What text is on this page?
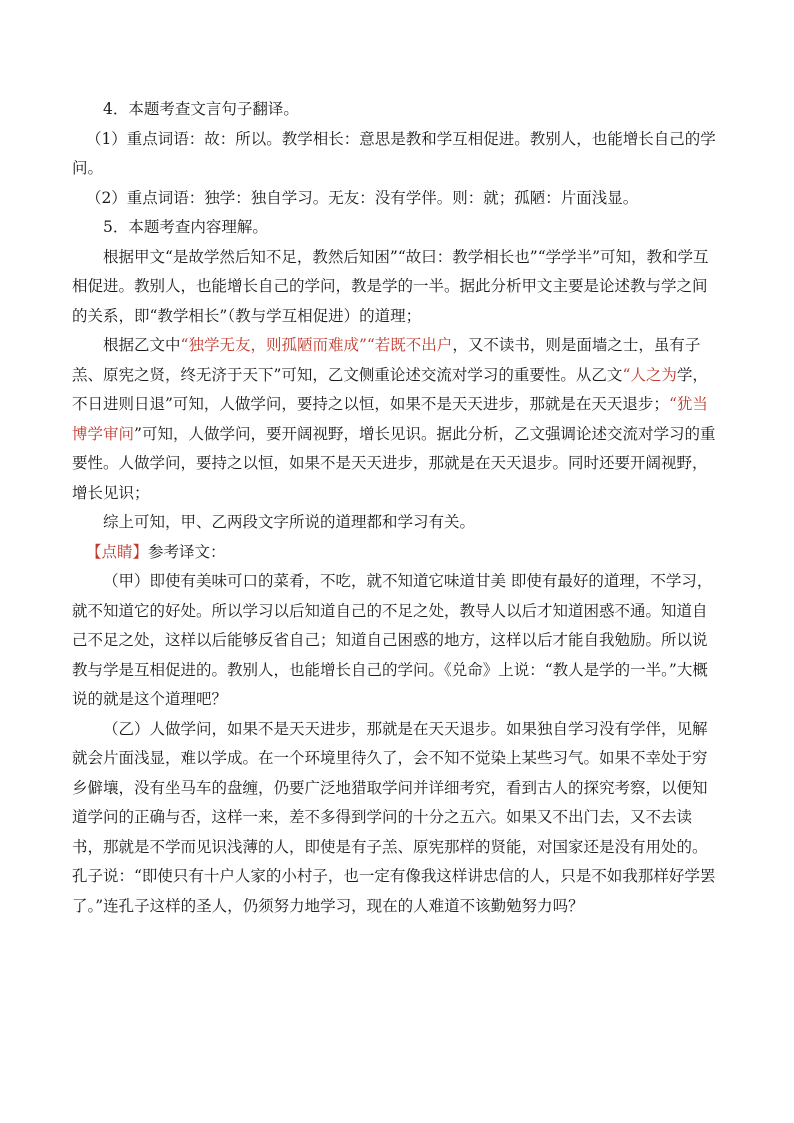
4．本题考查文言句子翻译。

（1）重点词语：故：所以。教学相长：意思是教和学互相促进。教别人，也能增长自己的学问。

（2）重点词语：独学：独自学习。无友：没有学伴。则：就；孤陋：片面浅显。

5．本题考查内容理解。

根据甲文“是故学然后知不足，教然后知困”“故曰：教学相长也”“学学半”可知，教和学互相促进。教别人，也能增长自己的学问，教是学的一半。据此分析甲文主要是论述教与学之间的关系，即“教学相长”（教与学互相促进）的道理；

根据乙文中“独学无友，则孤陋而难成”“若既不出户，又不读书，则是面墙之士，虽有子羔、原宪之贤，终无济于天下”可知，乙文侧重论述交流对学习的重要性。从乙文“人之为学，不日进则日退”可知，人做学问，要持之以恒，如果不是天天进步，那就是在天天退步；“犹当博学审问”可知，人做学问，要开阔视野，增长见识。据此分析，乙文强调论述交流对学习的重要性。人做学问，要持之以恒，如果不是天天进步，那就是在天天退步。同时还要开阔视野，增长见识；

综上可知，甲、乙两段文字所说的道理都和学习有关。

【点睛】参考译文：

（甲）即使有美味可口的菜肴，不吃，就不知道它味道甘美 即使有最好的道理，不学习，就不知道它的好处。所以学习以后知道自己的不足之处，教导人以后才知道困惑不通。知道自己不足之处，这样以后能够反省自己；知道自己困惑的地方，这样以后才能自我勉励。所以说教与学是互相促进的。教别人，也能增长自己的学问。《兑命》上说：“教人是学的一半。”大概说的就是这个道理吧？

（乙）人做学问，如果不是天天进步，那就是在天天退步。如果独自学习没有学伴，见解就会片面浅显，难以学成。在一个环境里待久了，会不知不觉染上某些习气。如果不幸处于穷乡僻壤，没有坐马车的盘缠，仍要广泛地猎取学问并详细考究，看到古人的探究考察，以便知道学问的正确与否，这样一来，差不多得到学问的十分之五六。如果又不出门去，又不去读书，那就是不学而见识浅薄的人，即使是有子羔、原宪那样的贤能，对国家还是没有用处的。孔子说：“即使只有十户人家的小村子，也一定有像我这样讲忠信的人，只是不如我那样好学罢了。”连孔子这样的圣人，仍须努力地学习，现在的人难道不该勤勉努力吗？
